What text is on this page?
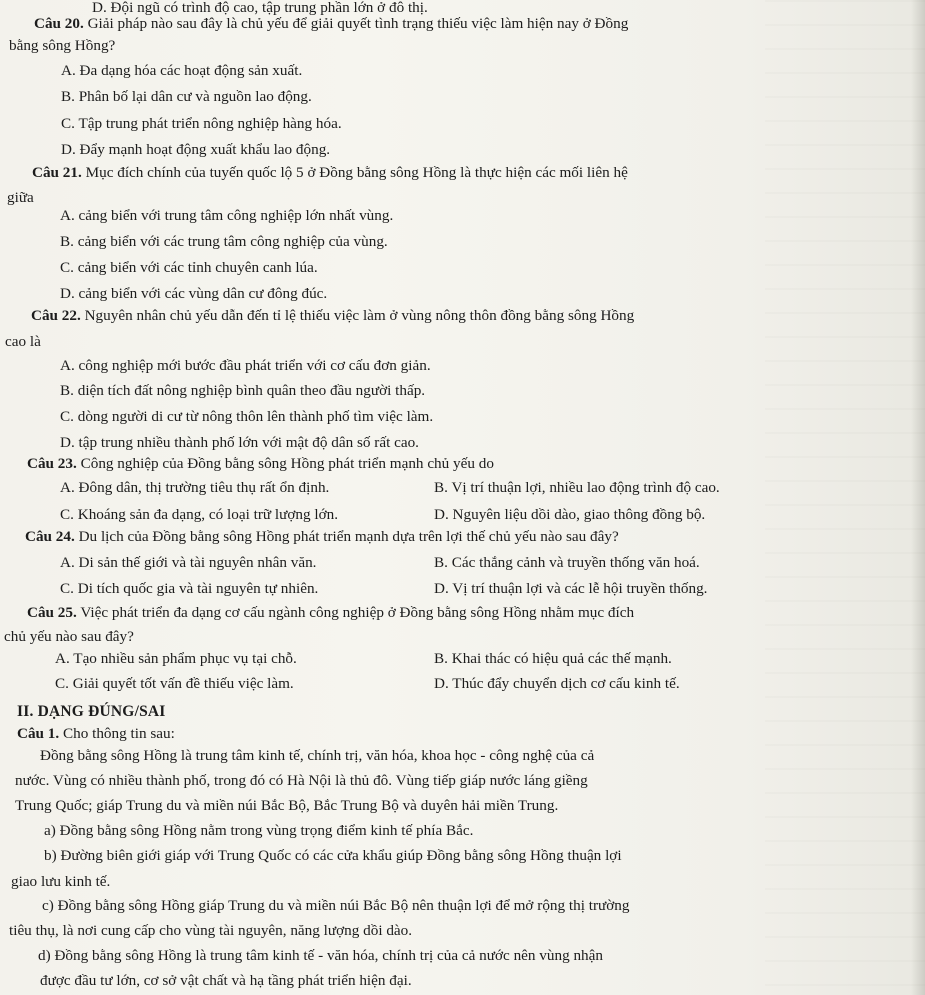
D. Đội ngũ có trình độ cao, tập trung phần lớn ở đô thị.
Câu 20. Giải pháp nào sau đây là chủ yếu để giải quyết tình trạng thiếu việc làm hiện nay ở Đồng
bằng sông Hồng?
A. Đa dạng hóa các hoạt động sản xuất.
B. Phân bố lại dân cư và nguồn lao động.
C. Tập trung phát triển nông nghiệp hàng hóa.
D. Đẩy mạnh hoạt động xuất khẩu lao động.
Câu 21. Mục đích chính của tuyến quốc lộ 5 ở Đồng bằng sông Hồng là thực hiện các mối liên hệ
giữa
A. cảng biển với trung tâm công nghiệp lớn nhất vùng.
B. cảng biển với các trung tâm công nghiệp của vùng.
C. cảng biển với các tỉnh chuyên canh lúa.
D. cảng biển với các vùng dân cư đông đúc.
Câu 22. Nguyên nhân chủ yếu dẫn đến tỉ lệ thiếu việc làm ở vùng nông thôn đồng bằng sông Hồng
cao là
A. công nghiệp mới bước đầu phát triển với cơ cấu đơn giản.
B. diện tích đất nông nghiệp bình quân theo đầu người thấp.
C. dòng người di cư từ nông thôn lên thành phố tìm việc làm.
D. tập trung nhiều thành phố lớn với mật độ dân số rất cao.
Câu 23. Công nghiệp của Đồng bằng sông Hồng phát triển mạnh chủ yếu do
A. Đông dân, thị trường tiêu thụ rất ổn định.	B. Vị trí thuận lợi, nhiều lao động trình độ cao.
C. Khoáng sản đa dạng, có loại trữ lượng lớn.	D. Nguyên liệu dồi dào, giao thông đồng bộ.
Câu 24. Du lịch của Đồng bằng sông Hồng phát triển mạnh dựa trên lợi thế chủ yếu nào sau đây?
A. Di sản thế giới và tài nguyên nhân văn.	B. Các thắng cảnh và truyền thống văn hoá.
C. Di tích quốc gia và tài nguyên tự nhiên.	D. Vị trí thuận lợi và các lễ hội truyền thống.
Câu 25. Việc phát triển đa dạng cơ cấu ngành công nghiệp ở Đồng bằng sông Hồng nhằm mục đích
chủ yếu nào sau đây?
A. Tạo nhiều sản phẩm phục vụ tại chỗ.	B. Khai thác có hiệu quả các thế mạnh.
C. Giải quyết tốt vấn đề thiếu việc làm.	D. Thúc đẩy chuyển dịch cơ cấu kinh tế.
II. DẠNG ĐÚNG/SAI
Câu 1. Cho thông tin sau:
Đồng bằng sông Hồng là trung tâm kinh tế, chính trị, văn hóa, khoa học - công nghệ của cả
nước. Vùng có nhiều thành phố, trong đó có Hà Nội là thủ đô. Vùng tiếp giáp nước láng giềng
Trung Quốc; giáp Trung du và miền núi Bắc Bộ, Bắc Trung Bộ và duyên hải miền Trung.
a) Đồng bằng sông Hồng nằm trong vùng trọng điểm kinh tế phía Bắc.
b) Đường biên giới giáp với Trung Quốc có các cửa khẩu giúp Đồng bằng sông Hồng thuận lợi
giao lưu kinh tế.
c) Đồng bằng sông Hồng giáp Trung du và miền núi Bắc Bộ nên thuận lợi để mở rộng thị trường
tiêu thụ, là nơi cung cấp cho vùng tài nguyên, năng lượng dồi dào.
d) Đồng bằng sông Hồng là trung tâm kinh tế - văn hóa, chính trị của cả nước nên vùng nhận
được đầu tư lớn, cơ sở vật chất và hạ tầng phát triển hiện đại.
